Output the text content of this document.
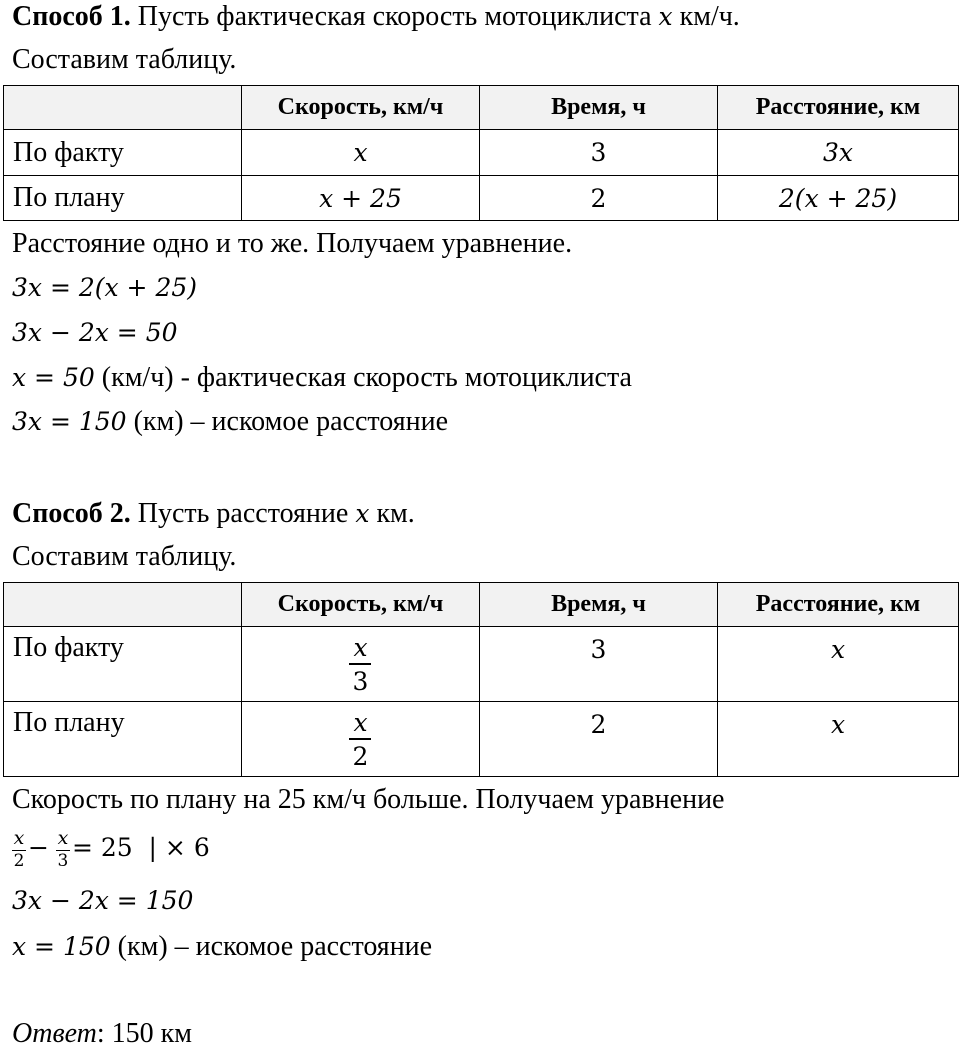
Способ 1. Пусть фактическая скорость мотоциклиста x км/ч.
Составим таблицу.
	Скорость, км/ч	Время, ч	Расстояние, км
По факту	x	3	3x
По плану	x + 25	2	2(x + 25)
Расстояние одно и то же. Получаем уравнение.
3x = 2(x + 25)
3x − 2x = 50
x = 50 (км/ч) - фактическая скорость мотоциклиста
3x = 150 (км) – искомое расстояние
Способ 2. Пусть расстояние x км.
Составим таблицу.
	Скорость, км/ч	Время, ч	Расстояние, км
По факту	$\frac{x}{3}$	3	x
По плану	$\frac{x}{2}$	2	x
Скорость по плану на 25 км/ч больше. Получаем уравнение
$\frac{x}{2} - \frac{x}{3} = 25$  | × 6
3x − 2x = 150
x = 150 (км) – искомое расстояние
Ответ: 150 км
